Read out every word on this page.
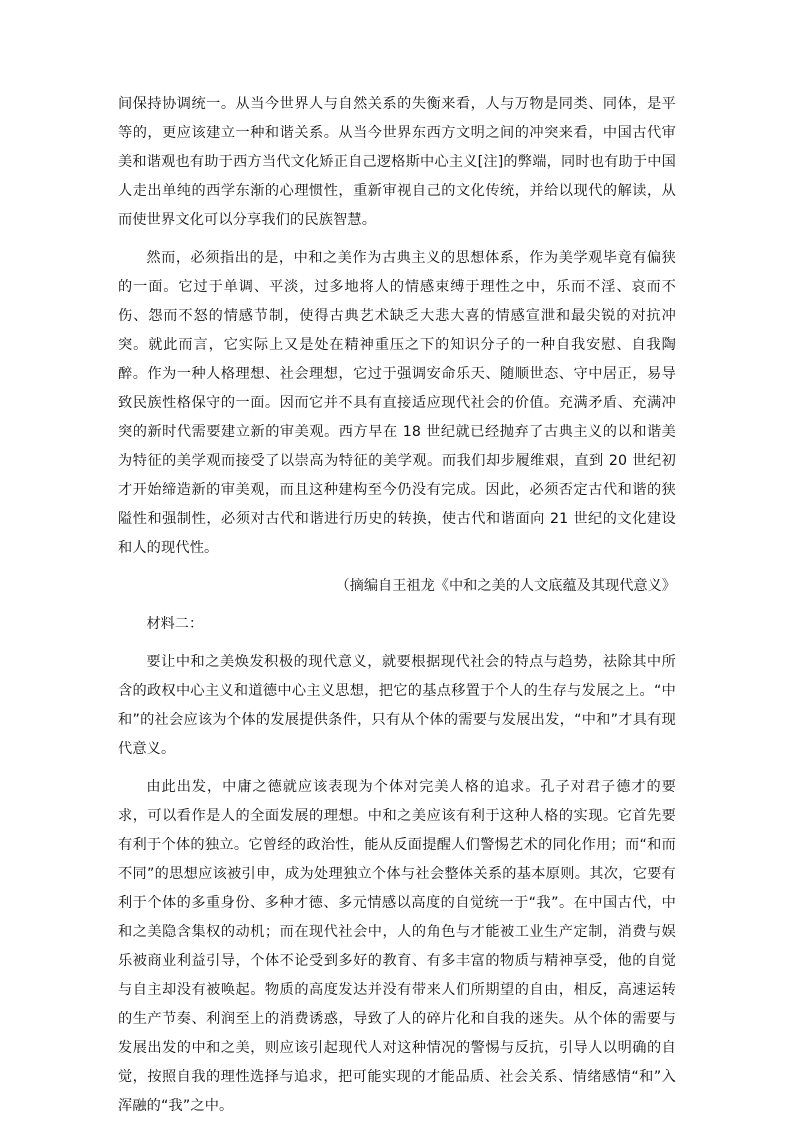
间保持协调统一。从当今世界人与自然关系的失衡来看，人与万物是同类、同体，是平等的，更应该建立一种和谐关系。从当今世界东西方文明之间的冲突来看，中国古代审美和谐观也有助于西方当代文化矫正自己逻格斯中心主义[注]的弊端，同时也有助于中国人走出单纯的西学东渐的心理惯性，重新审视自己的文化传统，并给以现代的解读，从而使世界文化可以分享我们的民族智慧。

然而，必须指出的是，中和之美作为古典主义的思想体系，作为美学观毕竟有偏狭的一面。它过于单调、平淡，过多地将人的情感束缚于理性之中，乐而不淫、哀而不伤、怨而不怒的情感节制，使得古典艺术缺乏大悲大喜的情感宣泄和最尖锐的对抗冲突。就此而言，它实际上又是处在精神重压之下的知识分子的一种自我安慰、自我陶醉。作为一种人格理想、社会理想，它过于强调安命乐天、随顺世态、守中居正，易导致民族性格保守的一面。因而它并不具有直接适应现代社会的价值。充满矛盾、充满冲突的新时代需要建立新的审美观。西方早在 18 世纪就已经抛弃了古典主义的以和谐美为特征的美学观而接受了以崇高为特征的美学观。而我们却步履维艰，直到 20 世纪初才开始缔造新的审美观，而且这种建构至今仍没有完成。因此，必须否定古代和谐的狭隘性和强制性，必须对古代和谐进行历史的转换，使古代和谐面向 21 世纪的文化建设和人的现代性。

（摘编自王祖龙《中和之美的人文底蕴及其现代意义》
材料二：

要让中和之美焕发积极的现代意义，就要根据现代社会的特点与趋势，祛除其中所含的政权中心主义和道德中心主义思想，把它的基点移置于个人的生存与发展之上。“中和”的社会应该为个体的发展提供条件，只有从个体的需要与发展出发，“中和”才具有现代意义。

由此出发，中庸之德就应该表现为个体对完美人格的追求。孔子对君子德才的要求，可以看作是人的全面发展的理想。中和之美应该有利于这种人格的实现。它首先要有利于个体的独立。它曾经的政治性，能从反面提醒人们警惕艺术的同化作用；而“和而不同”的思想应该被引申，成为处理独立个体与社会整体关系的基本原则。其次，它要有利于个体的多重身份、多种才德、多元情感以高度的自觉统一于“我”。在中国古代，中和之美隐含集权的动机；而在现代社会中，人的角色与才能被工业生产定制，消费与娱乐被商业利益引导，个体不论受到多好的教育、有多丰富的物质与精神享受，他的自觉与自主却没有被唤起。物质的高度发达并没有带来人们所期望的自由，相反，高速运转的生产节奏、利润至上的消费诱惑，导致了人的碎片化和自我的迷失。从个体的需要与发展出发的中和之美，则应该引起现代人对这种情况的警惕与反抗，引导人以明确的自觉，按照自我的理性选择与追求，把可能实现的才能品质、社会关系、情绪感情“和”入浑融的“我”之中。
